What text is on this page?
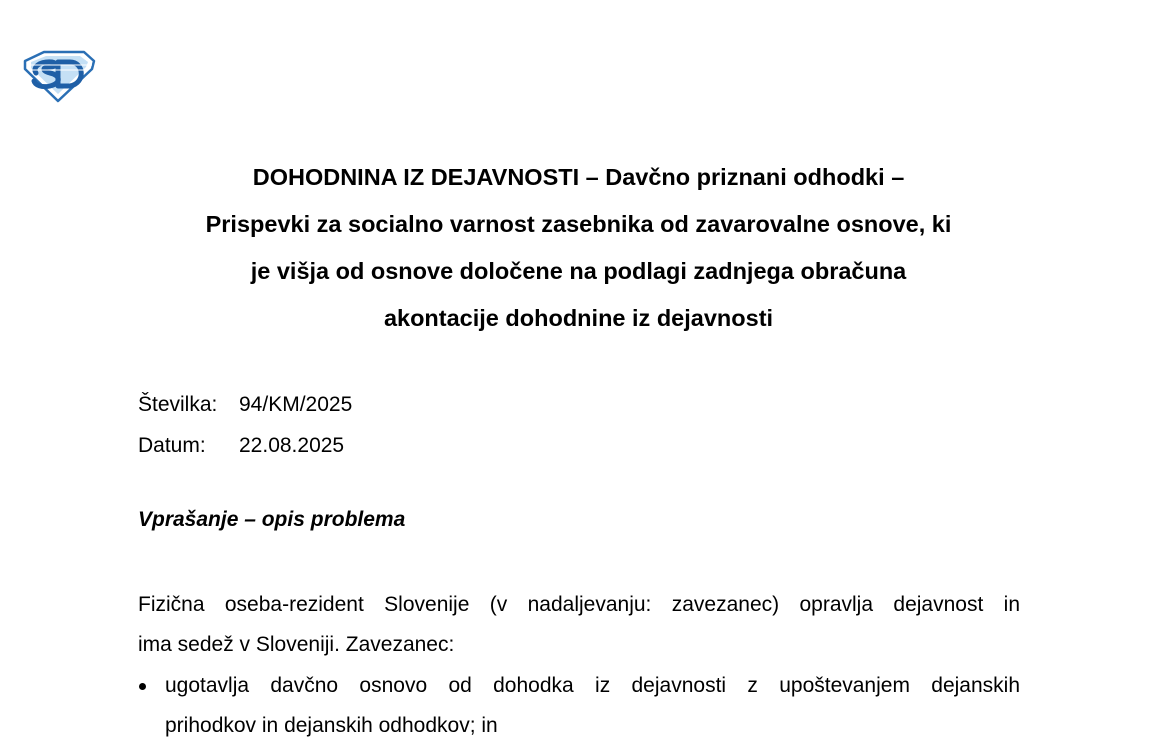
DOHODNINA IZ DEJAVNOSTI – Davčno priznani odhodki –
Prispevki za socialno varnost zasebnika od zavarovalne osnove, ki
je višja od osnove določene na podlagi zadnjega obračuna
akontacije dohodnine iz dejavnosti
Številka:	94/KM/2025
Datum:	22.08.2025
Vprašanje – opis problema

Fizična oseba-rezident Slovenije (v nadaljevanju: zavezanec) opravlja dejavnost in
ima sedež v Sloveniji. Zavezanec:

ugotavlja davčno osnovo od dohodka iz dejavnosti z upoštevanjem dejanskih
prihodkov in dejanskih odhodkov; in
